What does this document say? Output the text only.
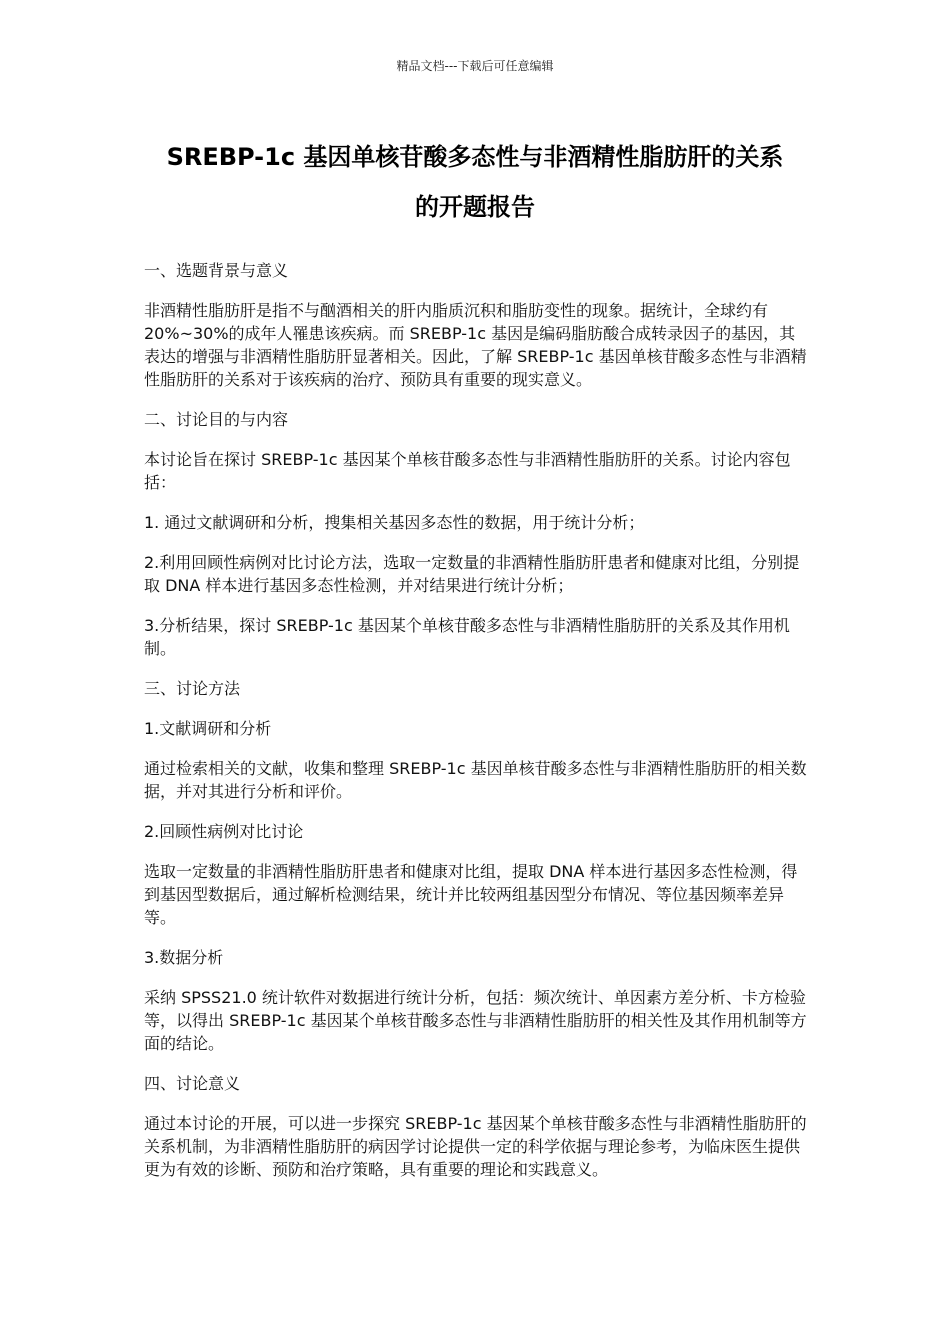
精品文档---下载后可任意编辑
SREBP-1c 基因单核苷酸多态性与非酒精性脂肪肝的关系
的开题报告

一、选题背景与意义

非酒精性脂肪肝是指不与酗酒相关的肝内脂质沉积和脂肪变性的现象。据统计，全球约有 20%~30%的成年人罹患该疾病。而 SREBP-1c 基因是编码脂肪酸合成转录因子的基因，其表达的增强与非酒精性脂肪肝显著相关。因此，了解 SREBP-1c 基因单核苷酸多态性与非酒精性脂肪肝的关系对于该疾病的治疗、预防具有重要的现实意义。

二、讨论目的与内容

本讨论旨在探讨 SREBP-1c 基因某个单核苷酸多态性与非酒精性脂肪肝的关系。讨论内容包括：

1. 通过文献调研和分析，搜集相关基因多态性的数据，用于统计分析；

2.利用回顾性病例对比讨论方法，选取一定数量的非酒精性脂肪肝患者和健康对比组，分别提取 DNA 样本进行基因多态性检测，并对结果进行统计分析；

3.分析结果，探讨 SREBP-1c 基因某个单核苷酸多态性与非酒精性脂肪肝的关系及其作用机制。

三、讨论方法

1.文献调研和分析

通过检索相关的文献，收集和整理 SREBP-1c 基因单核苷酸多态性与非酒精性脂肪肝的相关数据，并对其进行分析和评价。

2.回顾性病例对比讨论

选取一定数量的非酒精性脂肪肝患者和健康对比组，提取 DNA 样本进行基因多态性检测，得到基因型数据后，通过解析检测结果，统计并比较两组基因型分布情况、等位基因频率差异等。

3.数据分析

采纳 SPSS21.0 统计软件对数据进行统计分析，包括：频次统计、单因素方差分析、卡方检验等，以得出 SREBP-1c 基因某个单核苷酸多态性与非酒精性脂肪肝的相关性及其作用机制等方面的结论。

四、讨论意义

通过本讨论的开展，可以进一步探究 SREBP-1c 基因某个单核苷酸多态性与非酒精性脂肪肝的关系机制，为非酒精性脂肪肝的病因学讨论提供一定的科学依据与理论参考，为临床医生提供更为有效的诊断、预防和治疗策略，具有重要的理论和实践意义。
